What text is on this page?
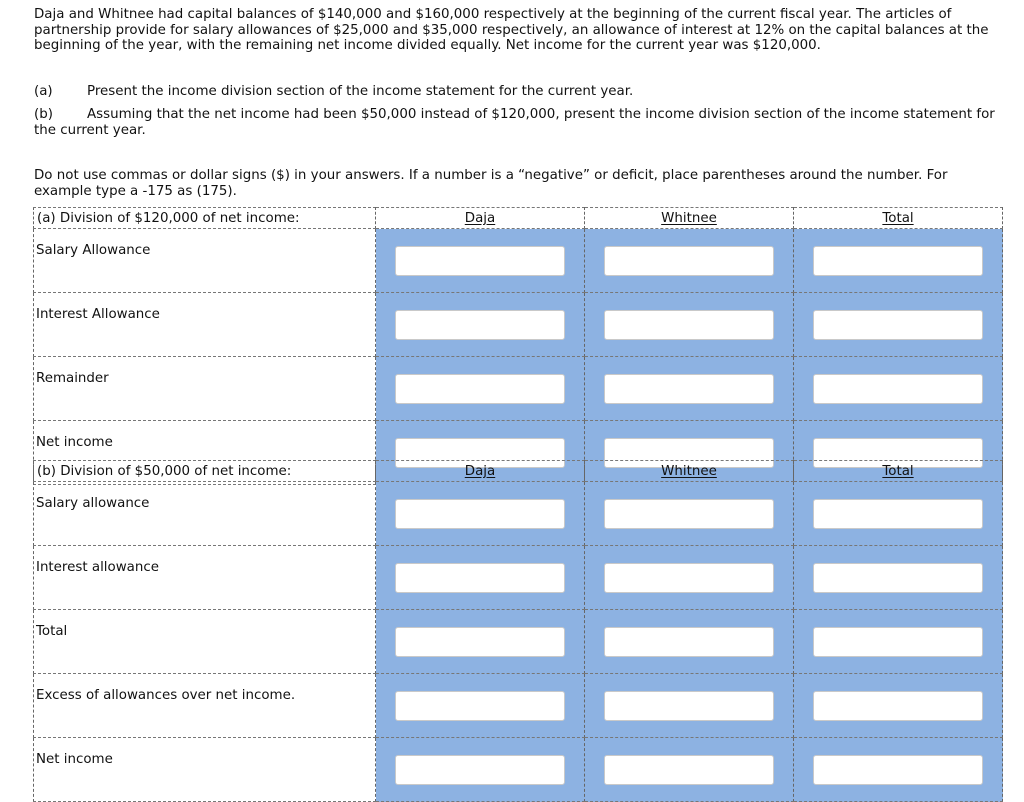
Daja and Whitnee had capital balances of $140,000 and $160,000 respectively at the beginning of the current fiscal year. The articles of partnership provide for salary allowances of $25,000 and $35,000 respectively, an allowance of interest at 12% on the capital balances at the beginning of the year, with the remaining net income divided equally. Net income for the current year was $120,000.

(a)	Present the income division section of the income statement for the current year.
(b)	Assuming that the net income had been $50,000 instead of $120,000, present the income division section of the income statement for the current year.

Do not use commas or dollar signs ($) in your answers. If a number is a “negative” or deficit, place parentheses around the number. For example type a -175 as (175).

(a) Division of $120,000 of net income:	Daja	Whitnee	Total
Salary Allowance			
Interest Allowance			
Remainder			
Net income			
(b) Division of $50,000 of net income:	Daja	Whitnee	Total
Salary allowance			
Interest allowance			
Total			
Excess of allowances over net income.			
Net income			
